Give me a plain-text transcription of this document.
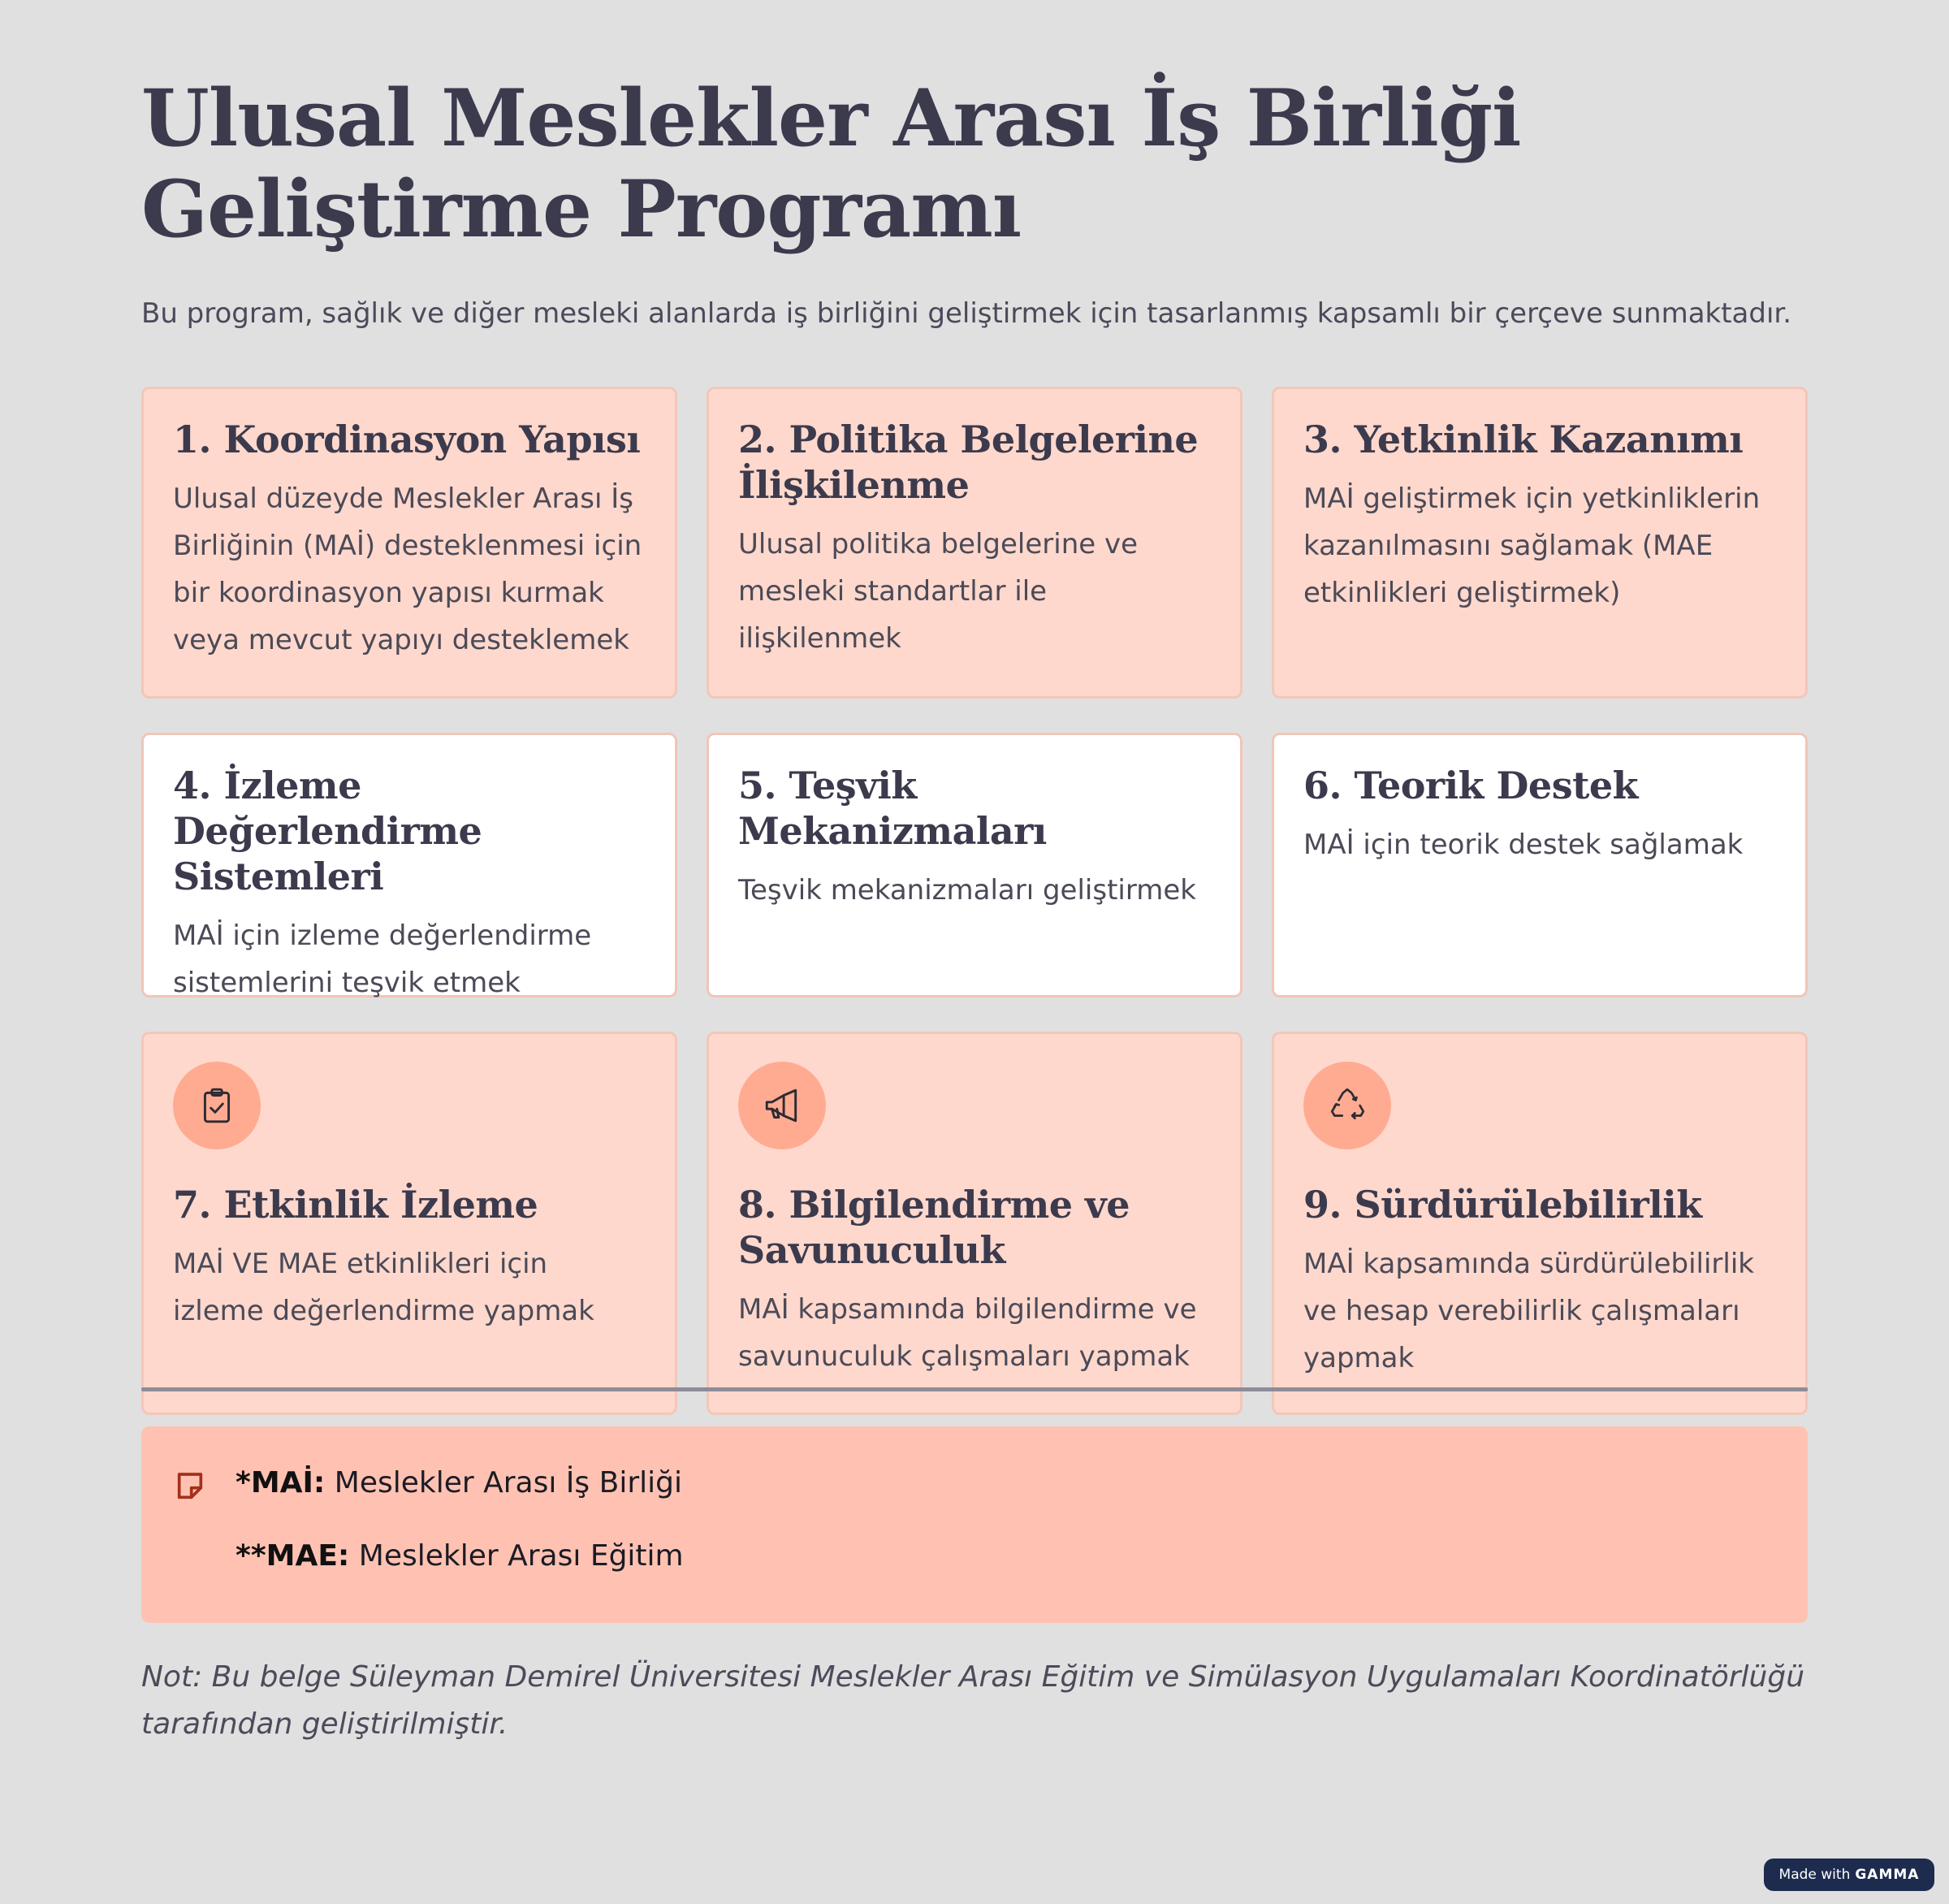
Ulusal Meslekler Arası İş Birliği Geliştirme Programı

Bu program, sağlık ve diğer mesleki alanlarda iş birliğini geliştirmek için tasarlanmış kapsamlı bir çerçeve sunmaktadır.

1. Koordinasyon Yapısı

Ulusal düzeyde Meslekler Arası İş Birliğinin (MAİ) desteklenmesi için bir koordinasyon yapısı kurmak veya mevcut yapıyı desteklemek

2. Politika Belgelerine İlişkilenme

Ulusal politika belgelerine ve mesleki standartlar ile ilişkilenmek

3. Yetkinlik Kazanımı

MAİ geliştirmek için yetkinliklerin kazanılmasını sağlamak (MAE etkinlikleri geliştirmek)

4. İzleme Değerlendirme Sistemleri

MAİ için izleme değerlendirme sistemlerini teşvik etmek

5. Teşvik Mekanizmaları

Teşvik mekanizmaları geliştirmek

6. Teorik Destek

MAİ için teorik destek sağlamak

7. Etkinlik İzleme

MAİ VE MAE etkinlikleri için izleme değerlendirme yapmak

8. Bilgilendirme ve Savunuculuk

MAİ kapsamında bilgilendirme ve savunuculuk çalışmaları yapmak

9. Sürdürülebilirlik

MAİ kapsamında sürdürülebilirlik ve hesap verebilirlik çalışmaları yapmak

*MAİ: Meslekler Arası İş Birliği
**MAE: Meslekler Arası Eğitim

Not: Bu belge Süleyman Demirel Üniversitesi Meslekler Arası Eğitim ve Simülasyon Uygulamaları Koordinatörlüğü tarafından geliştirilmiştir.

Made with GAMMA
